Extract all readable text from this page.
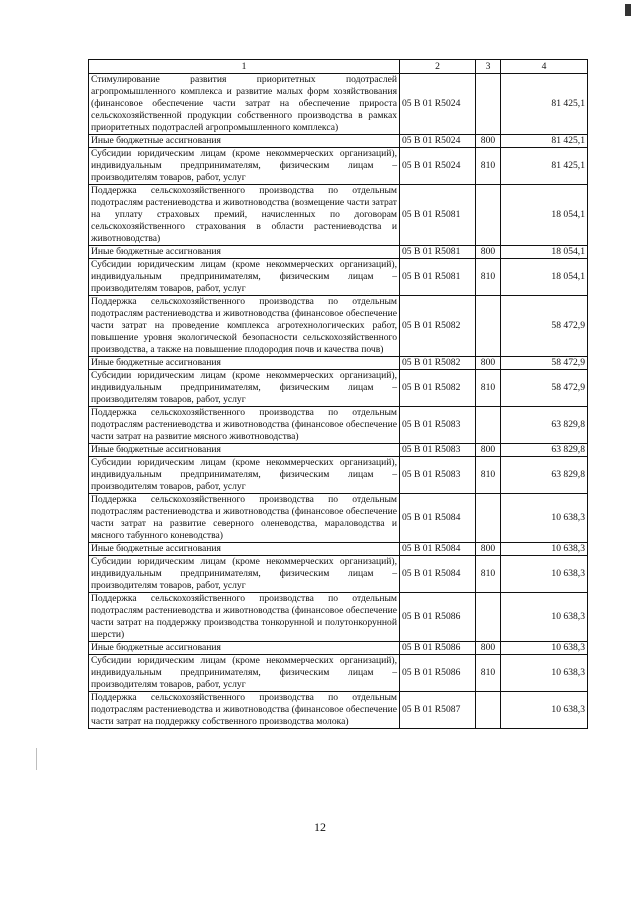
1	2	3	4
Стимулирование развития приоритетных подотраслей агропромышленного комплекса и развитие малых форм хозяйствования (финансовое обеспечение части затрат на обеспечение прироста сельскохозяйственной продукции собственного производства в рамках приоритетных подотраслей агропромышленного комплекса)	05 В 01 R5024		81 425,1
Иные бюджетные ассигнования	05 В 01 R5024	800	81 425,1
Субсидии юридическим лицам (кроме некоммерческих организаций), индивидуальным предпринимателям, физическим лицам – производителям товаров, работ, услуг	05 В 01 R5024	810	81 425,1
Поддержка сельскохозяйственного производства по отдельным подотраслям растениеводства и животноводства (возмещение части затрат на уплату страховых премий, начисленных по договорам сельскохозяйственного страхования в области растениеводства и животноводства)	05 В 01 R5081		18 054,1
Иные бюджетные ассигнования	05 В 01 R5081	800	18 054,1
Субсидии юридическим лицам (кроме некоммерческих организаций), индивидуальным предпринимателям, физическим лицам – производителям товаров, работ, услуг	05 В 01 R5081	810	18 054,1
Поддержка сельскохозяйственного производства по отдельным подотраслям растениеводства и животноводства (финансовое обеспечение части затрат на проведение комплекса агротехнологических работ, повышение уровня экологической безопасности сельскохозяйственного производства, а также на повышение плодородия почв и качества почв)	05 В 01 R5082		58 472,9
Иные бюджетные ассигнования	05 В 01 R5082	800	58 472,9
Субсидии юридическим лицам (кроме некоммерческих организаций), индивидуальным предпринимателям, физическим лицам – производителям товаров, работ, услуг	05 В 01 R5082	810	58 472,9
Поддержка сельскохозяйственного производства по отдельным подотраслям растениеводства и животноводства (финансовое обеспечение части затрат на развитие мясного животноводства)	05 В 01 R5083		63 829,8
Иные бюджетные ассигнования	05 В 01 R5083	800	63 829,8
Субсидии юридическим лицам (кроме некоммерческих организаций), индивидуальным предпринимателям, физическим лицам – производителям товаров, работ, услуг	05 В 01 R5083	810	63 829,8
Поддержка сельскохозяйственного производства по отдельным подотраслям растениеводства и животноводства (финансовое обеспечение части затрат на развитие северного оленеводства, мараловодства и мясного табунного коневодства)	05 В 01 R5084		10 638,3
Иные бюджетные ассигнования	05 В 01 R5084	800	10 638,3
Субсидии юридическим лицам (кроме некоммерческих организаций), индивидуальным предпринимателям, физическим лицам – производителям товаров, работ, услуг	05 В 01 R5084	810	10 638,3
Поддержка сельскохозяйственного производства по отдельным подотраслям растениеводства и животноводства (финансовое обеспечение части затрат на поддержку производства тонкорунной и полутонкорунной шерсти)	05 В 01 R5086		10 638,3
Иные бюджетные ассигнования	05 В 01 R5086	800	10 638,3
Субсидии юридическим лицам (кроме некоммерческих организаций), индивидуальным предпринимателям, физическим лицам – производителям товаров, работ, услуг	05 В 01 R5086	810	10 638,3
Поддержка сельскохозяйственного производства по отдельным подотраслям растениеводства и животноводства (финансовое обеспечение части затрат на поддержку собственного производства молока)	05 В 01 R5087		10 638,3
12
